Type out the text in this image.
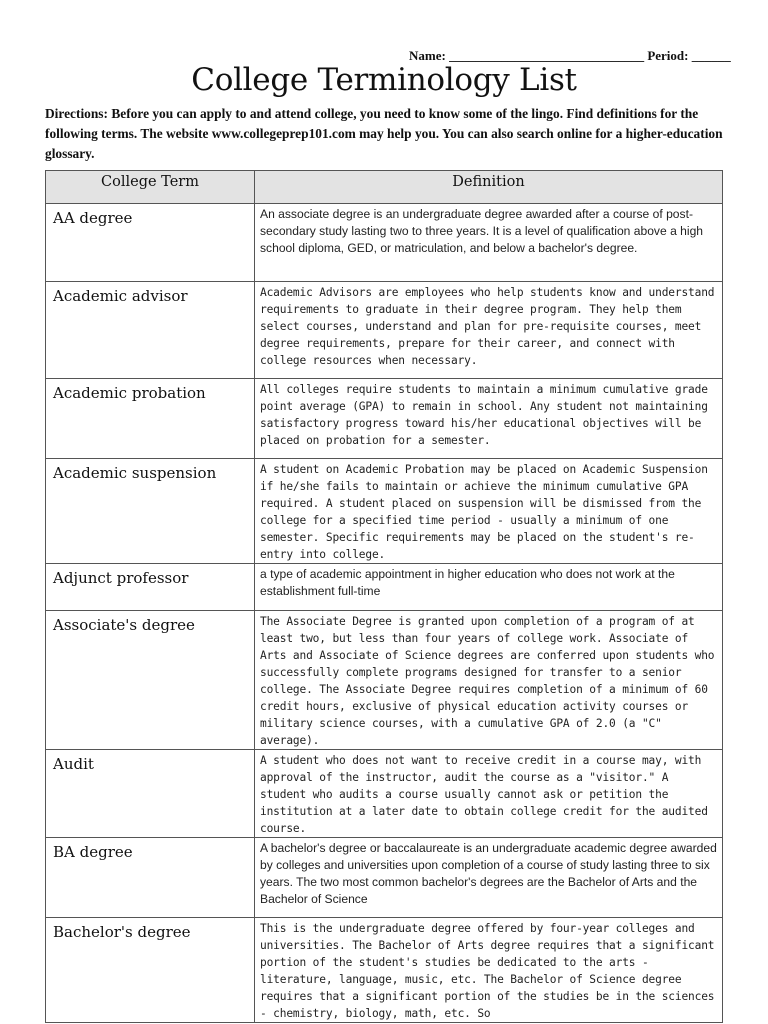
Name: ______________________________ Period: ______
College Terminology List
Directions: Before you can apply to and attend college, you need to know some of the lingo. Find definitions for the following terms. The website www.collegeprep101.com may help you. You can also search online for a higher-education glossary.
College Term	Definition
AA degree	An associate degree is an undergraduate degree awarded after a course of post-secondary study lasting two to three years. It is a level of qualification above a high school diploma, GED, or matriculation, and below a bachelor's degree.
Academic advisor	Academic Advisors are employees who help students know and understand requirements to graduate in their degree program. They help them select courses, understand and plan for pre-requisite courses, meet degree requirements, prepare for their career, and connect with college resources when necessary.
Academic probation	All colleges require students to maintain a minimum cumulative grade point average (GPA) to remain in school. Any student not maintaining satisfactory progress toward his/her educational objectives will be placed on probation for a semester.
Academic suspension	A student on Academic Probation may be placed on Academic Suspension if he/she fails to maintain or achieve the minimum cumulative GPA required. A student placed on suspension will be dismissed from the college for a specified time period - usually a minimum of one semester. Specific requirements may be placed on the student's re-entry into college.
Adjunct professor	a type of academic appointment in higher education who does not work at the establishment full-time
Associate's degree	The Associate Degree is granted upon completion of a program of at least two, but less than four years of college work. Associate of Arts and Associate of Science degrees are conferred upon students who successfully complete programs designed for transfer to a senior college. The Associate Degree requires completion of a minimum of 60 credit hours, exclusive of physical education activity courses or military science courses, with a cumulative GPA of 2.0 (a "C" average).
Audit	A student who does not want to receive credit in a course may, with approval of the instructor, audit the course as a "visitor." A student who audits a course usually cannot ask or petition the institution at a later date to obtain college credit for the audited course.
BA degree	A bachelor's degree or baccalaureate is an undergraduate academic degree awarded by colleges and universities upon completion of a course of study lasting three to six years. The two most common bachelor's degrees are the Bachelor of Arts and the Bachelor of Science
Bachelor's degree	This is the undergraduate degree offered by four-year colleges and universities. The Bachelor of Arts degree requires that a significant portion of the student's studies be dedicated to the arts - literature, language, music, etc. The Bachelor of Science degree requires that a significant portion of the studies be in the sciences - chemistry, biology, math, etc. So
